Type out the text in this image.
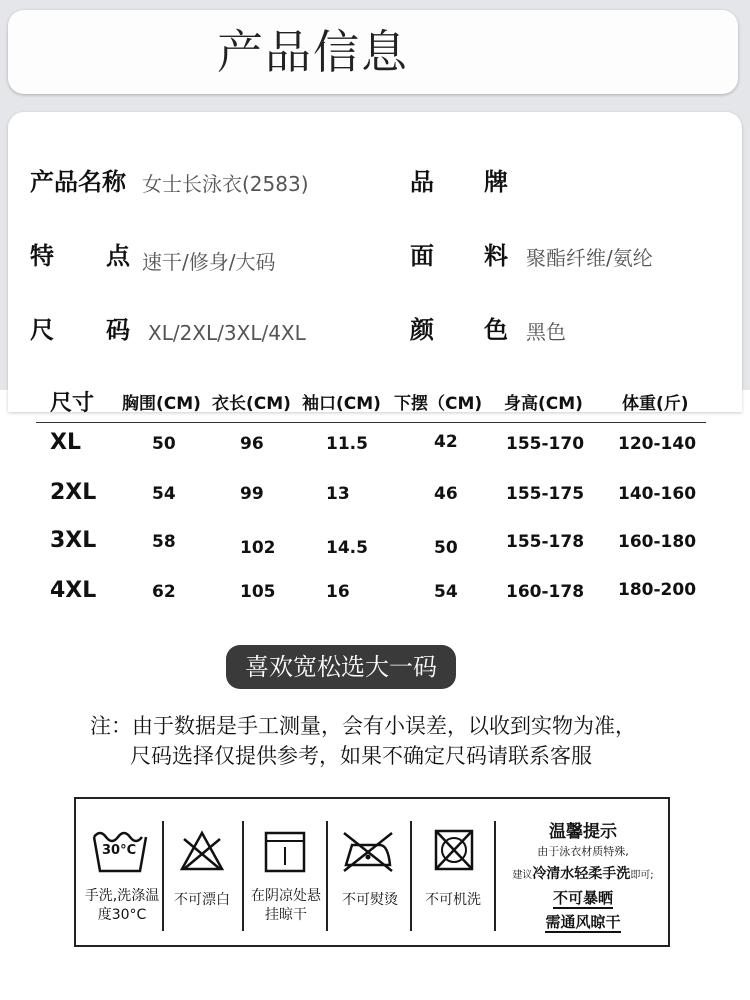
产品信息
产品名称 女士长泳衣(2583)	品 牌
特 点 速干/修身/大码	面 料 聚酯纤维/氨纶
尺 码 XL/2XL/3XL/4XL	颜 色 黑色
尺寸 胸围(CM) 衣长(CM) 袖口(CM) 下摆（CM) 身高(CM) 体重(斤)
XL	50	96	11.5	42	155-170 120-140
2XL	54	99	13	46	155-175 140-160
3XL	58	102	14.5	50	155-178 160-180
4XL	62	105	16	54	160-178 180-200
喜欢宽松选大一码
注：由于数据是手工测量，会有小误差，以收到实物为准，
尺码选择仅提供参考，如果不确定尺码请联系客服
30°C
手洗,洗涤温度30°C
不可漂白	在阴凉处悬挂晾干
不可熨烫	不可机洗
温馨提示
由于泳衣材质特殊,
建议冷清水轻柔手洗即可;
不可暴晒
需通风晾干
